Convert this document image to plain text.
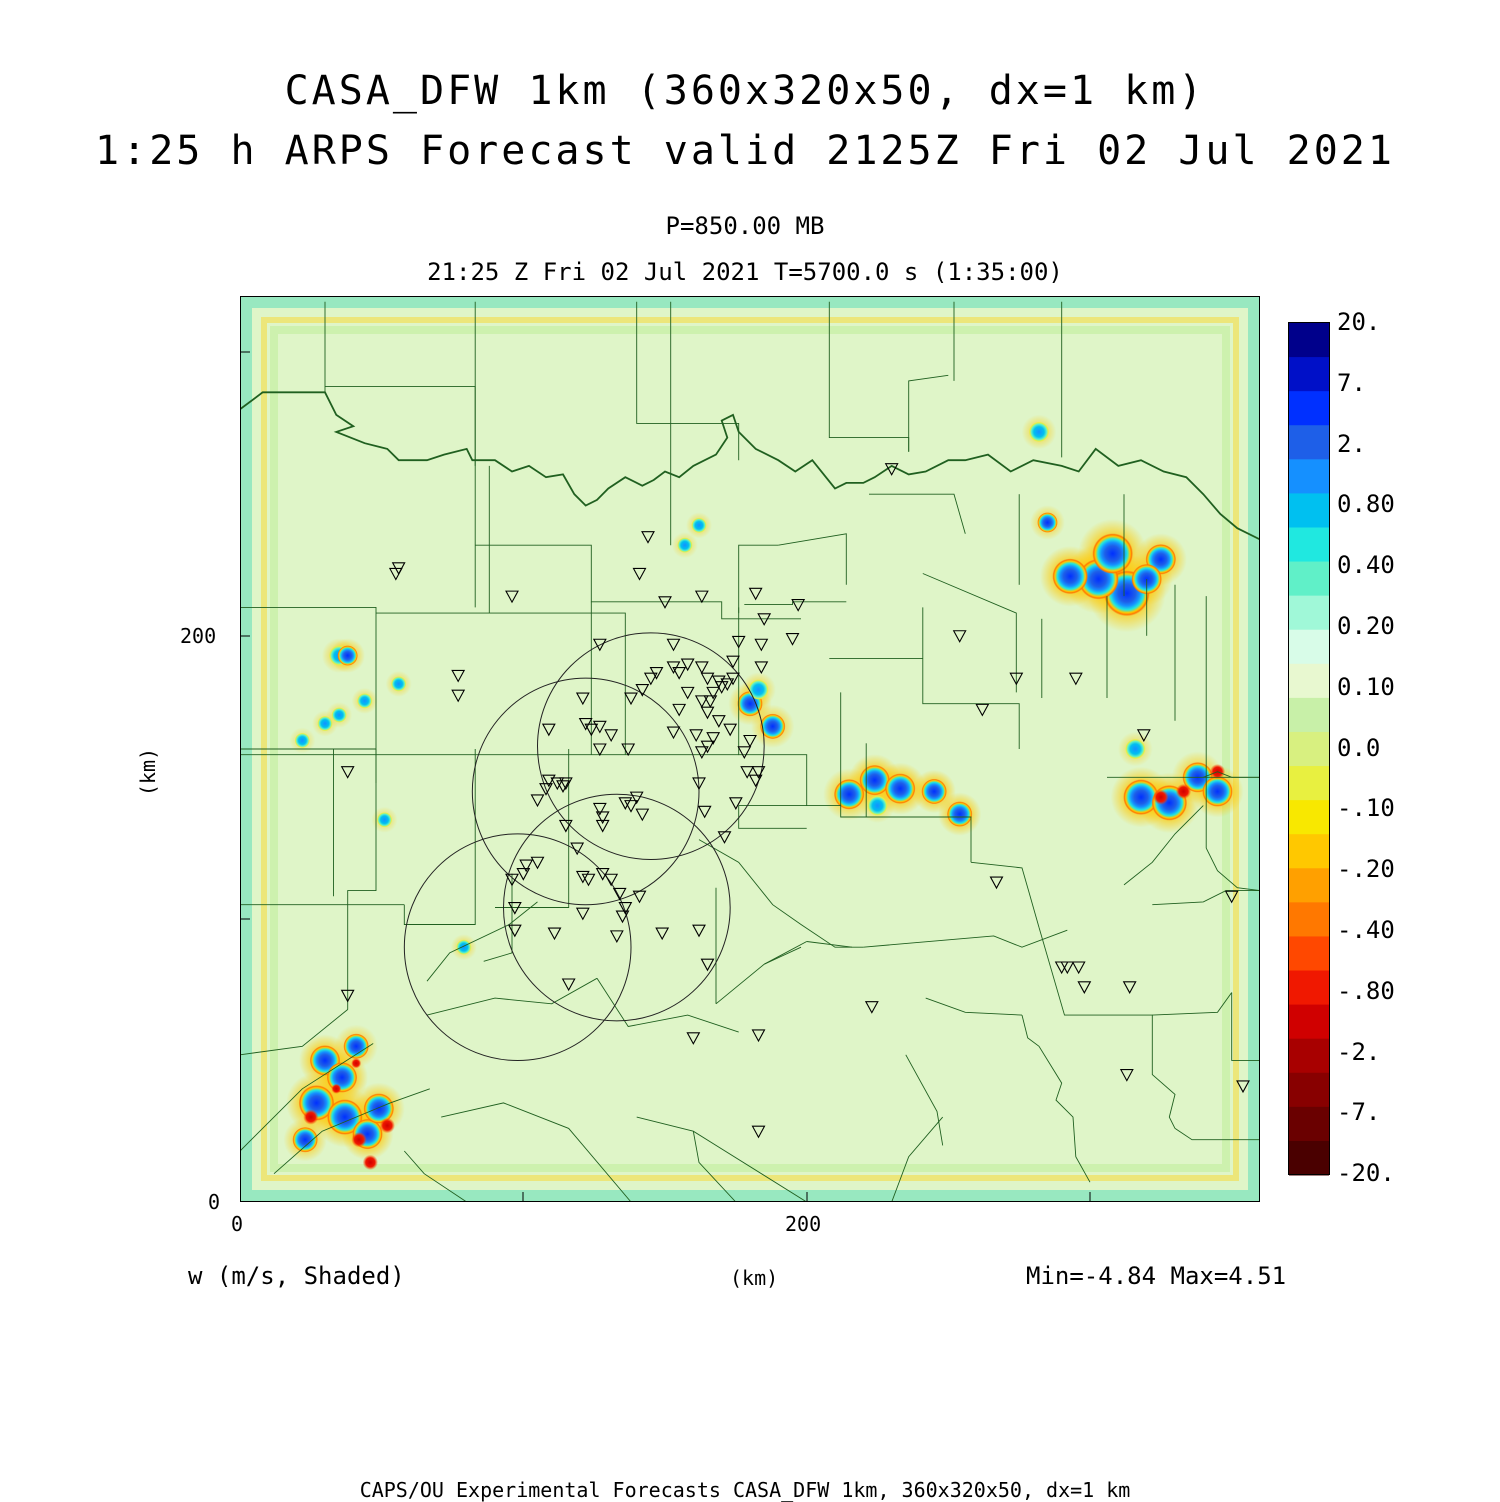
CASA_DFW 1km (360x320x50, dx=1 km)
1:25 h ARPS Forecast valid 2125Z Fri 02 Jul 2021
P=850.00 MB
21:25 Z Fri 02 Jul 2021 T=5700.0 s (1:35:00)
(km)
200
0
0	200
20.
7.
2.
0.80
0.40
0.20
0.10
0.0
-.10
-.20
-.40
-.80
-2.
-7.
-20.
w (m/s, Shaded)	(km)	Min=-4.84 Max=4.51
CAPS/OU Experimental Forecasts CASA_DFW 1km, 360x320x50, dx=1 km
